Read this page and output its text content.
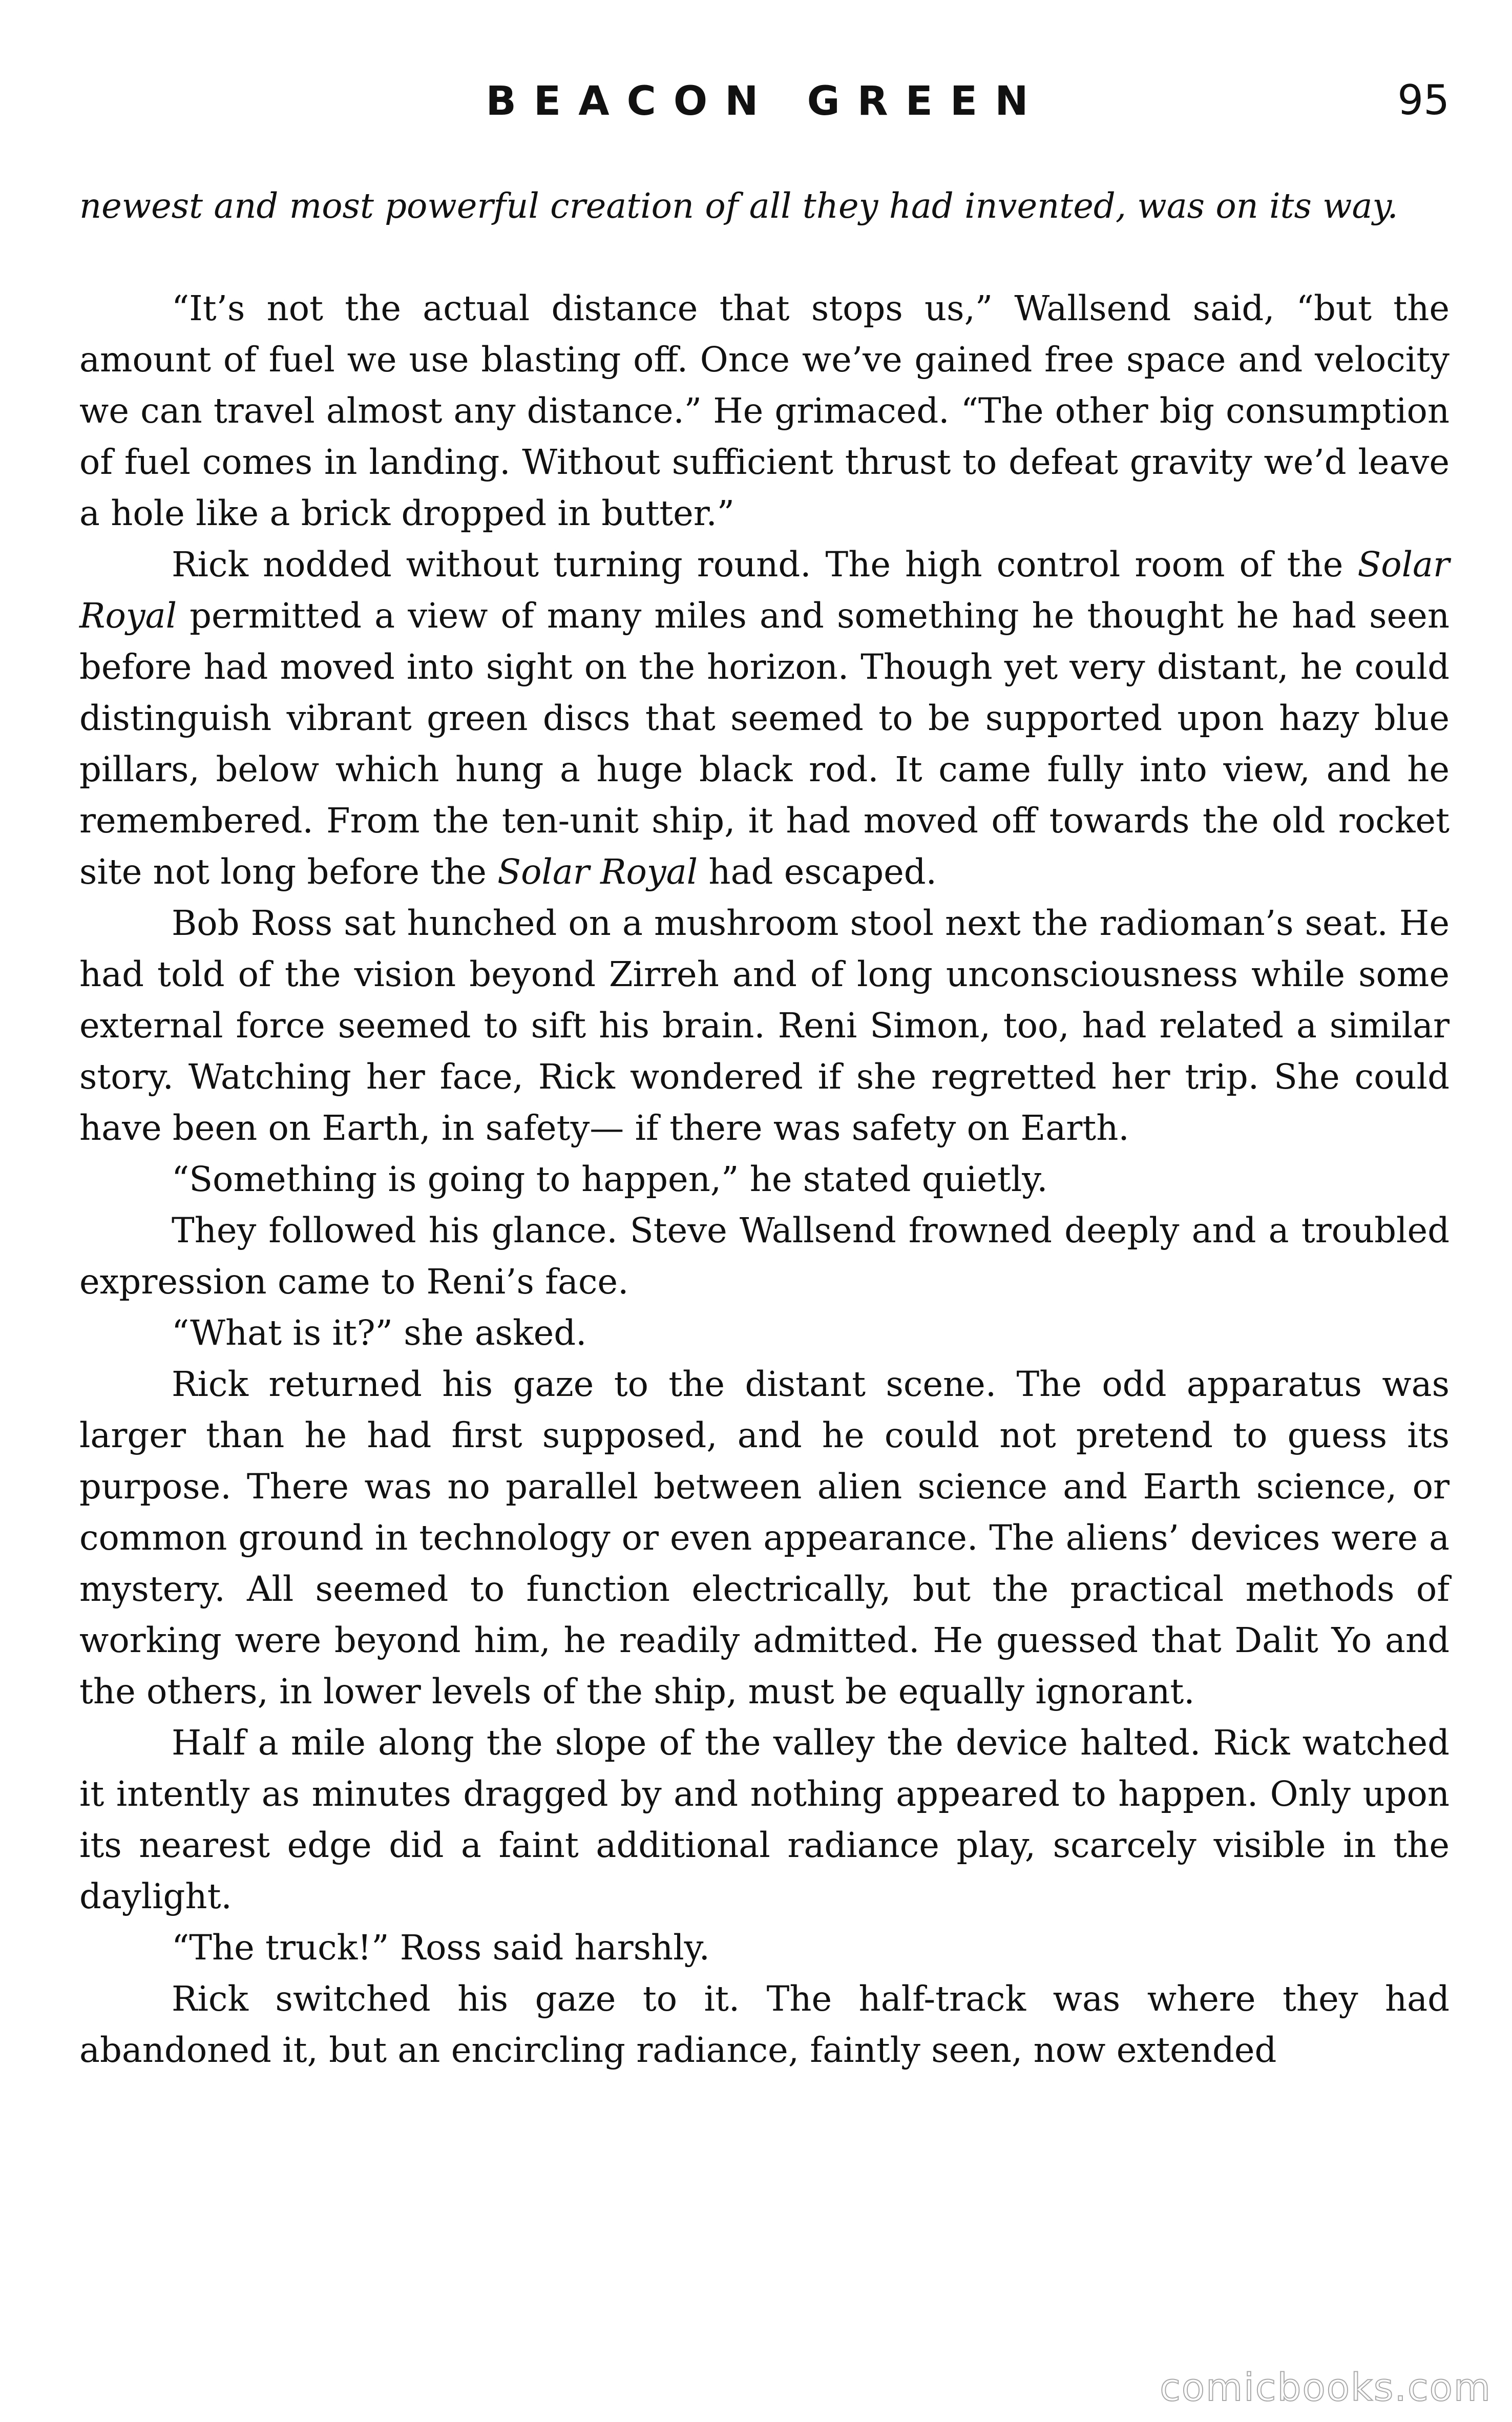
BEACON GREEN	95

newest and most powerful creation of all they had invented, was on its way.

“It’s not the actual distance that stops us,” Wallsend said, “but the amount of fuel we use blasting off. Once we’ve gained free space and velocity we can travel almost any distance.” He grimaced. “The other big consumption of fuel comes in landing. Without sufficient thrust to defeat gravity we’d leave a hole like a brick dropped in butter.”

Rick nodded without turning round. The high control room of the Solar Royal permitted a view of many miles and something he thought he had seen before had moved into sight on the horizon. Though yet very distant, he could distinguish vibrant green discs that seemed to be supported upon hazy blue pillars, below which hung a huge black rod. It came fully into view, and he remembered. From the ten-unit ship, it had moved off towards the old rocket site not long before the Solar Royal had escaped.

Bob Ross sat hunched on a mushroom stool next the radioman’s seat. He had told of the vision beyond Zirreh and of long unconsciousness while some external force seemed to sift his brain. Reni Simon, too, had related a similar story. Watching her face, Rick wondered if she regretted her trip. She could have been on Earth, in safety— if there was safety on Earth.

“Something is going to happen,” he stated quietly.

They followed his glance. Steve Wallsend frowned deeply and a troubled expression came to Reni’s face.

“What is it?” she asked.

Rick returned his gaze to the distant scene. The odd apparatus was larger than he had first supposed, and he could not pretend to guess its purpose. There was no parallel between alien science and Earth science, or common ground in technology or even appearance. The aliens’ devices were a mystery. All seemed to function electrically, but the practical methods of working were beyond him, he readily admitted. He guessed that Dalit Yo and the others, in lower levels of the ship, must be equally ignorant.

Half a mile along the slope of the valley the device halted. Rick watched it intently as minutes dragged by and nothing appeared to happen. Only upon its nearest edge did a faint additional radiance play, scarcely visible in the daylight.

“The truck!” Ross said harshly.

Rick switched his gaze to it. The half-track was where they had abandoned it, but an encircling radiance, faintly seen, now extended

comicbooks.com
